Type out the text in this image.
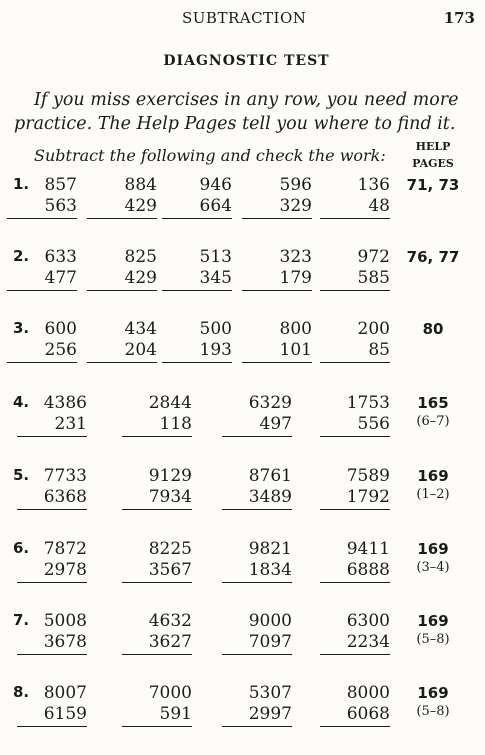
SUBTRACTION	173
DIAGNOSTIC TEST
If you miss exercises in any row, you need more
practice. The Help Pages tell you where to find it.
Subtract the following and check the work:	HELP
PAGES
1. 857
563
884
429
946
664
596
329
136
48
71, 73
2. 633
477
825
429
513
345
323
179
972
585
76, 77
3. 600
256
434
204
500
193
800
101
200
85
80
4. 4386
231
2844
118
6329
497
1753
556
165
(6–7)
5. 7733
6368
9129
7934
8761
3489
7589
1792
169
(1–2)
6. 7872
2978
8225
3567
9821
1834
9411
6888
169
(3–4)
7. 5008
3678
4632
3627
9000
7097
6300
2234
169
(5–8)
8. 8007
6159
7000
591
5307
2997
8000
6068
169
(5–8)
